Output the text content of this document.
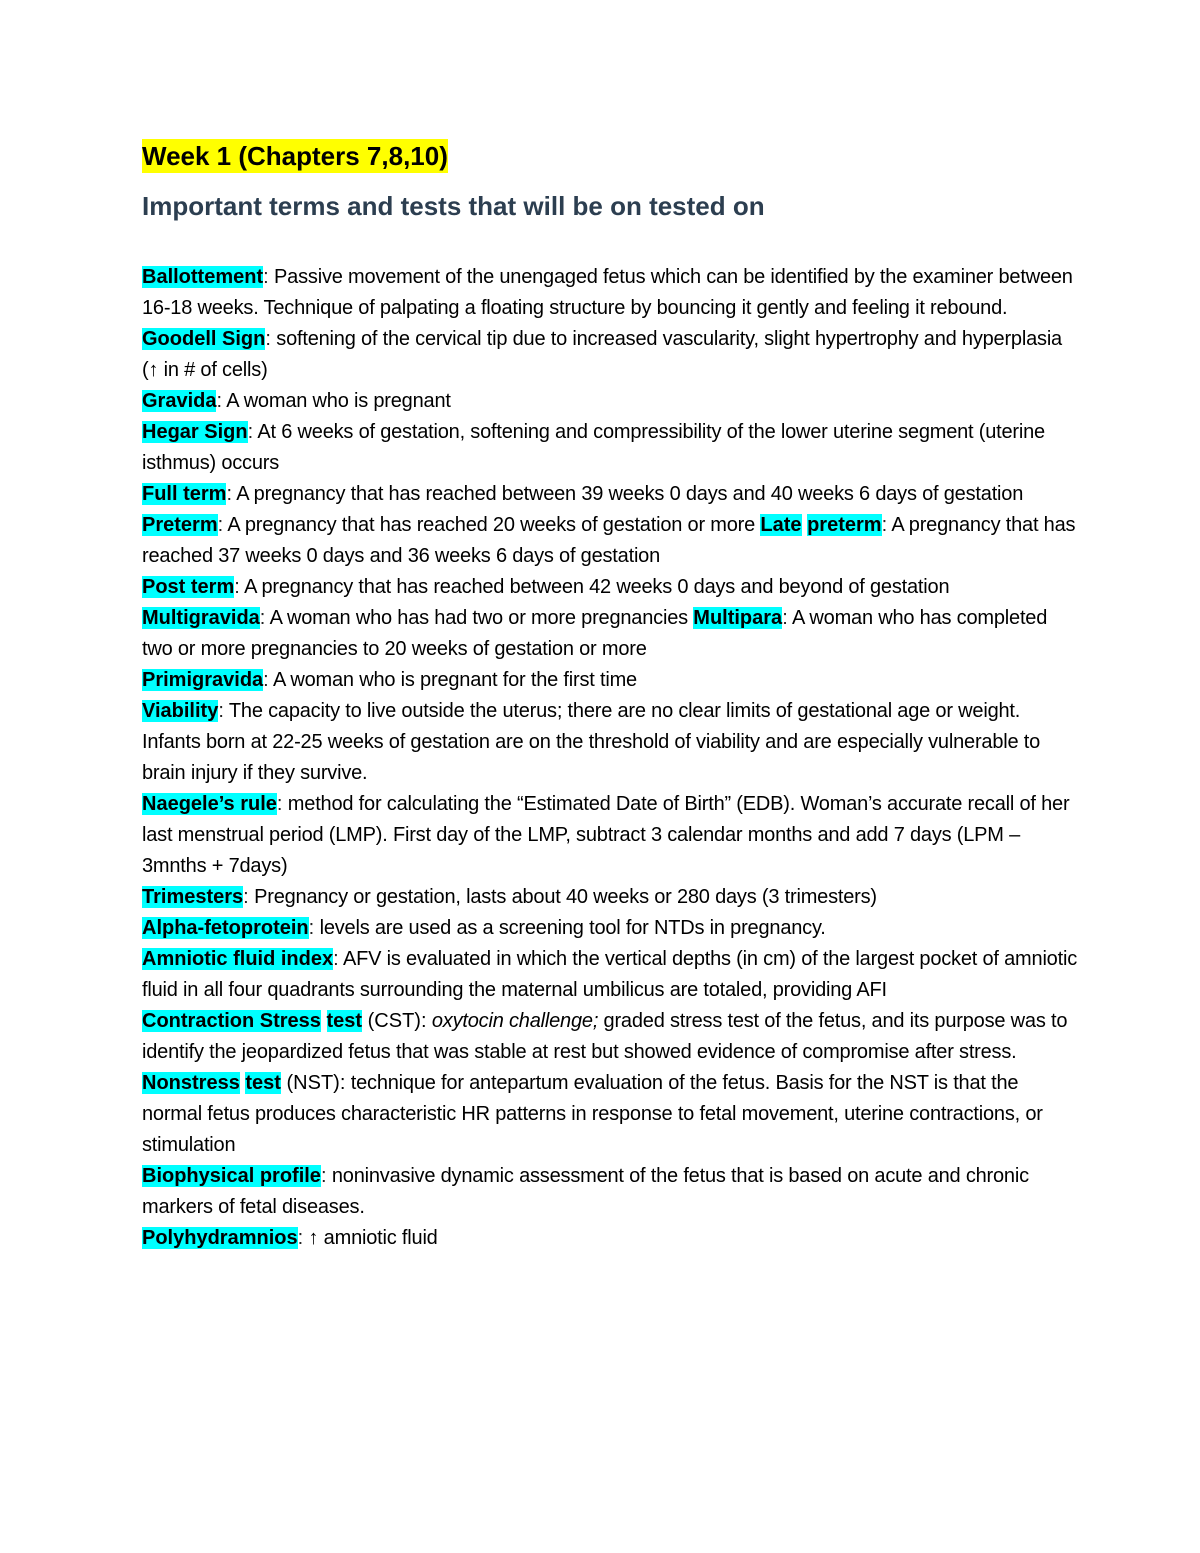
Week 1 (Chapters 7,8,10)
Important terms and tests that will be on tested on
Ballottement: Passive movement of the unengaged fetus which can be identified by the examiner between 16-18 weeks. Technique of palpating a floating structure by bouncing it gently and feeling it rebound.
Goodell Sign: softening of the cervical tip due to increased vascularity, slight hypertrophy and hyperplasia (↑ in # of cells)
Gravida: A woman who is pregnant
Hegar Sign: At 6 weeks of gestation, softening and compressibility of the lower uterine segment (uterine isthmus) occurs
Full term: A pregnancy that has reached between 39 weeks 0 days and 40 weeks 6 days of gestation Preterm: A pregnancy that has reached 20 weeks of gestation or more Late preterm: A pregnancy that has reached 37 weeks 0 days and 36 weeks 6 days of gestation
Post term: A pregnancy that has reached between 42 weeks 0 days and beyond of gestation
Multigravida: A woman who has had two or more pregnancies Multipara: A woman who has completed two or more pregnancies to 20 weeks of gestation or more
Primigravida: A woman who is pregnant for the first time
Viability: The capacity to live outside the uterus; there are no clear limits of gestational age or weight. Infants born at 22-25 weeks of gestation are on the threshold of viability and are especially vulnerable to brain injury if they survive.
Naegele’s rule: method for calculating the “Estimated Date of Birth” (EDB). Woman’s accurate recall of her last menstrual period (LMP). First day of the LMP, subtract 3 calendar months and add 7 days (LPM – 3mnths + 7days)
Trimesters: Pregnancy or gestation, lasts about 40 weeks or 280 days (3 trimesters)
Alpha-fetoprotein: levels are used as a screening tool for NTDs in pregnancy.
Amniotic fluid index: AFV is evaluated in which the vertical depths (in cm) of the largest pocket of amniotic fluid in all four quadrants surrounding the maternal umbilicus are totaled, providing AFI
Contraction Stress test (CST): oxytocin challenge; graded stress test of the fetus, and its purpose was to identify the jeopardized fetus that was stable at rest but showed evidence of compromise after stress.
Nonstress test (NST): technique for antepartum evaluation of the fetus. Basis for the NST is that the normal fetus produces characteristic HR patterns in response to fetal movement, uterine contractions, or stimulation
Biophysical profile: noninvasive dynamic assessment of the fetus that is based on acute and chronic markers of fetal diseases.
Polyhydramnios: ↑ amniotic fluid
